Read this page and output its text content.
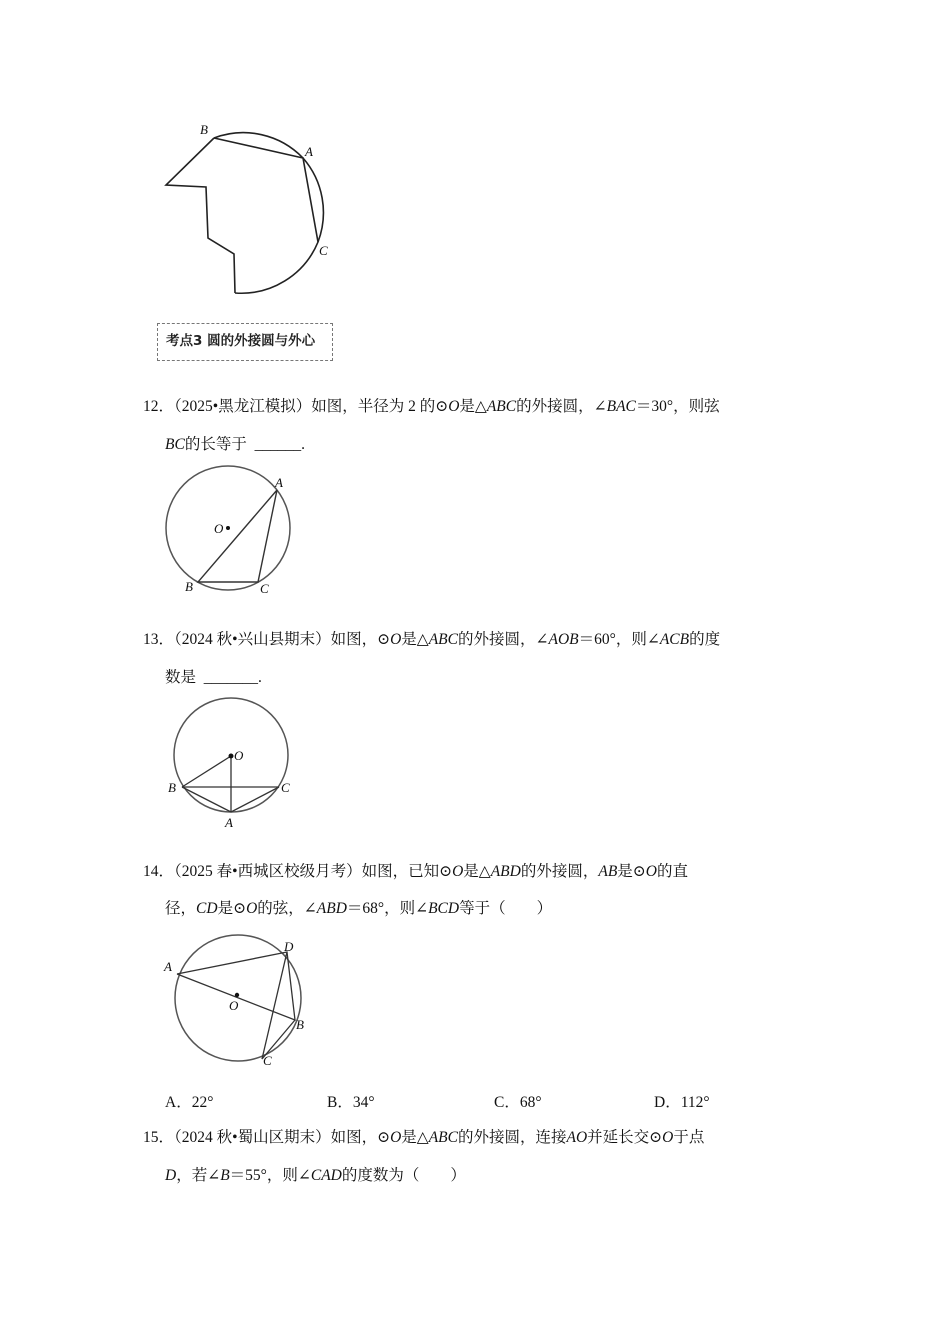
B
A
C
考点3 圆的外接圆与外心
12．（2025•黑龙江模拟）如图，半径为 2 的⊙O是△ABC的外接圆，∠BAC＝30°，则弦
BC的长等于 ______.
O
A
B	C
13．（2024 秋•兴山县期末）如图，⊙O是△ABC的外接圆，∠AOB＝60°，则∠ACB的度
数是 _______.
O
B	C
A
14．（2025 春•西城区校级月考）如图，已知⊙O是△ABD的外接圆，AB是⊙O的直
径，CD是⊙O的弦，∠ABD＝68°，则∠BCD等于（　　）
A
D
O
B
C
A．22°	B．34°	C．68°	D．112°
15．（2024 秋•蜀山区期末）如图，⊙O是△ABC的外接圆，连接AO并延长交⊙O于点
D，若∠B＝55°，则∠CAD的度数为（　　）
